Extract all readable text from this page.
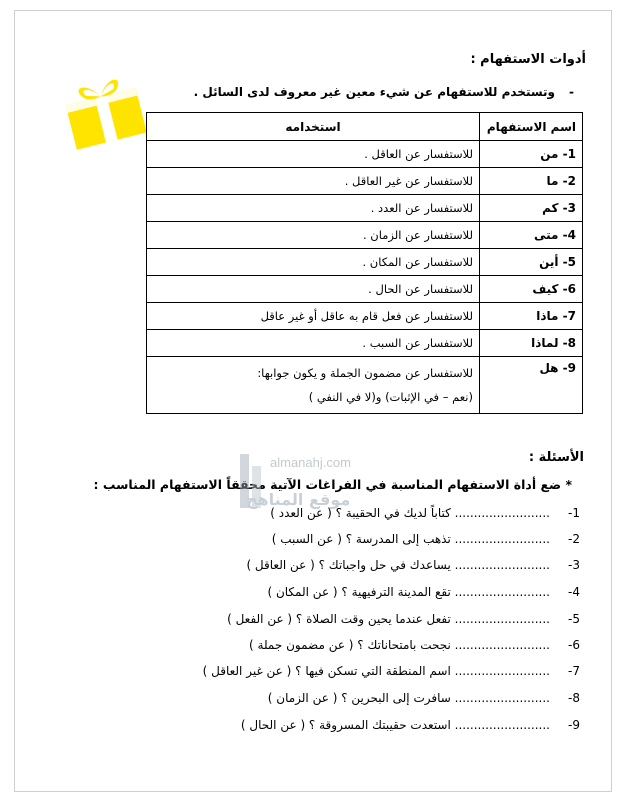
أدوات الاستفهام :
-وتستخدم للاستفهام عن شيء معين غير معروف لدى السائل .
اسم الاستفهام	استخدامه
1- من	للاستفسار عن العاقل .
2- ما	للاستفسار عن غير العاقل .
3- كم	للاستفسار عن العدد .
4- متى	للاستفسار عن الزمان .
5- أين	للاستفسار عن المكان .
6- كيف	للاستفسار عن الحال .
7- ماذا	للاستفسار عن فعل قام به عاقل أو غير عاقل
8- لماذا	للاستفسار عن السبب .
9- هل	للاستفسار عن مضمون الجملة و يكون جوابها:
(نعم – في الإثبات) و(لا في النفي )
الأسئلة :
* ضع أداة الاستفهام المناسبة في الفراغات الآتية محققاً الاستفهام المناسب :
almanahj.com
موقع المناهج
1-......................... كتاباً لديك في الحقيبة ؟ ( عن العدد )
2-......................... تذهب إلى المدرسة ؟ ( عن السبب )
3-......................... يساعدك في حل واجباتك ؟ ( عن العاقل )
4-......................... تقع المدينة الترفيهية ؟ ( عن المكان )
5-......................... تفعل عندما يحين وقت الصلاة ؟ ( عن الفعل )
6-......................... نجحت بامتحاناتك ؟ ( عن مضمون جملة )
7-......................... اسم المنطقة التي تسكن فيها ؟ ( عن غير العاقل )
8-......................... سافرت إلى البحرين ؟ ( عن الزمان )
9-......................... استعدت حقيبتك المسروقة ؟ ( عن الحال )
